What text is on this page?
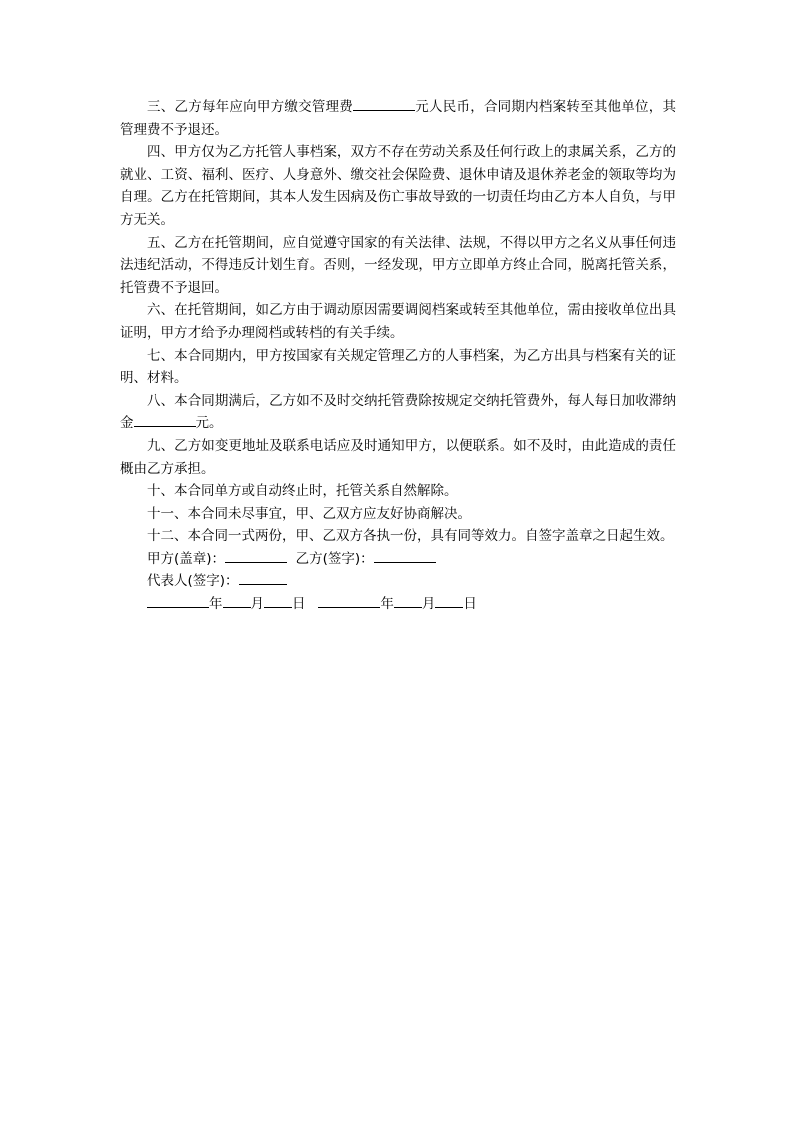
三、乙方每年应向甲方缴交管理费	元人民币，合同期内档案转至其他单位，其管理费不予退还。

四、甲方仅为乙方托管人事档案，双方不存在劳动关系及任何行政上的隶属关系，乙方的就业、工资、福利、医疗、人身意外、缴交社会保险费、退休申请及退休养老金的领取等均为自理。乙方在托管期间，其本人发生因病及伤亡事故导致的一切责任均由乙方本人自负，与甲方无关。

五、乙方在托管期间，应自觉遵守国家的有关法律、法规，不得以甲方之名义从事任何违法违纪活动，不得违反计划生育。否则，一经发现，甲方立即单方终止合同，脱离托管关系，托管费不予退回。

六、在托管期间，如乙方由于调动原因需要调阅档案或转至其他单位，需由接收单位出具证明，甲方才给予办理阅档或转档的有关手续。

七、本合同期内，甲方按国家有关规定管理乙方的人事档案，为乙方出具与档案有关的证明、材料。

八、本合同期满后，乙方如不及时交纳托管费除按规定交纳托管费外，每人每日加收滞纳金	元。

九、乙方如变更地址及联系电话应及时通知甲方，以便联系。如不及时，由此造成的责任概由乙方承担。

十、本合同单方或自动终止时，托管关系自然解除。

十一、本合同未尽事宜，甲、乙双方应友好协商解决。

十二、本合同一式两份，甲、乙双方各执一份，具有同等效力。自签字盖章之日起生效。

甲方(盖章)：	乙方(签字)：

代表人(签字)：

年 月 日	年 月 日
